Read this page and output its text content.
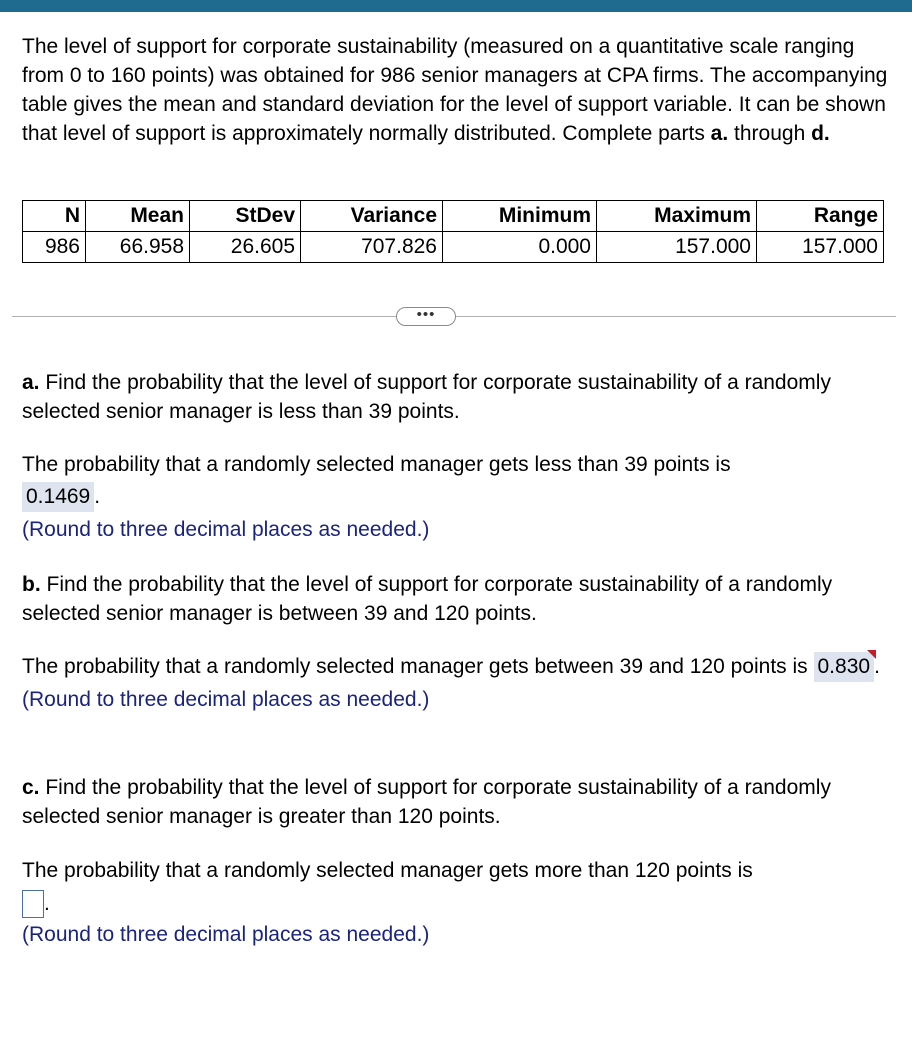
The level of support for corporate sustainability (measured on a quantitative scale ranging from 0 to 160 points) was obtained for 986 senior managers at CPA firms. The accompanying table gives the mean and standard deviation for the level of support variable. It can be shown that level of support is approximately normally distributed. Complete parts a. through d.
N	Mean	StDev	Variance	Minimum	Maximum	Range
986	66.958	26.605	707.826	0.000	157.000	157.000
•••
a. Find the probability that the level of support for corporate sustainability of a randomly selected senior manager is less than 39 points.
The probability that a randomly selected manager gets less than 39 points is
0.1469 .
(Round to three decimal places as needed.)
b. Find the probability that the level of support for corporate sustainability of a randomly selected senior manager is between 39 and 120 points.
The probability that a randomly selected manager gets between 39 and 120 points is 0.830 .
(Round to three decimal places as needed.)
c. Find the probability that the level of support for corporate sustainability of a randomly selected senior manager is greater than 120 points.
The probability that a randomly selected manager gets more than 120 points is
.
(Round to three decimal places as needed.)
